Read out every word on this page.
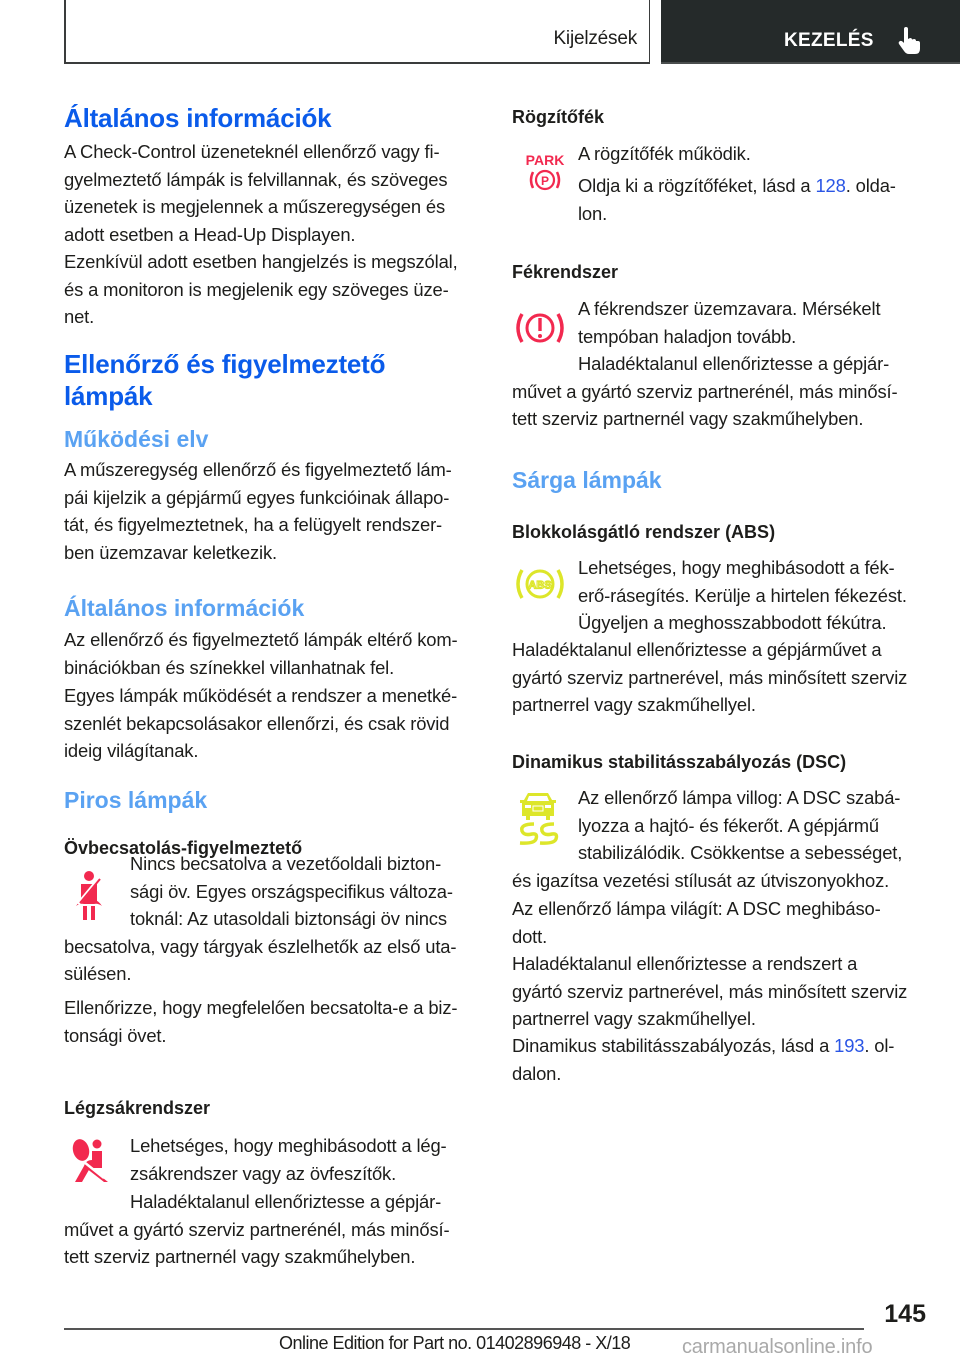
Kijelzések	KEZELÉS
Általános információk
A Check-Control üzeneteknél ellenőrző vagy fi-
gyelmeztető lámpák is felvillannak, és szöveges
üzenetek is megjelennek a műszeregységen és
adott esetben a Head-Up Displayen.
Ezenkívül adott esetben hangjelzés is megszólal,
és a monitoron is megjelenik egy szöveges üze-
net.
Ellenőrző és figyelmeztető
lámpák
Működési elv
A műszeregység ellenőrző és figyelmeztető lám-
pái kijelzik a gépjármű egyes funkcióinak állapo-
tát, és figyelmeztetnek, ha a felügyelt rendszer-
ben üzemzavar keletkezik.
Általános információk
Az ellenőrző és figyelmeztető lámpák eltérő kom-
binációkban és színekkel villanhatnak fel.
Egyes lámpák működését a rendszer a menetké-
szenlét bekapcsolásakor ellenőrzi, és csak rövid
ideig világítanak.
Piros lámpák
Övbecsatolás-figyelmeztető
Nincs becsatolva a vezetőoldali bizton-
sági öv. Egyes országspecifikus változa-
toknál: Az utasoldali biztonsági öv nincs
becsatolva, vagy tárgyak észlelhetők az első uta-
sülésen.
Ellenőrizze, hogy megfelelően becsatolta-e a biz-
tonsági övet.
Légzsákrendszer
Lehetséges, hogy meghibásodott a lég-
zsákrendszer vagy az övfeszítők.
Haladéktalanul ellenőriztesse a gépjár-
művet a gyártó szerviz partnerénél, más minősí-
tett szerviz partnernél vagy szakműhelyben.
Rögzítőfék
PARK
P
A rögzítőfék működik.
Oldja ki a rögzítőféket, lásd a 128. olda-
lon.
Fékrendszer
A fékrendszer üzemzavara. Mérsékelt
tempóban haladjon tovább.
Haladéktalanul ellenőriztesse a gépjár-
művet a gyártó szerviz partnerénél, más minősí-
tett szerviz partnernél vagy szakműhelyben.
Sárga lámpák
Blokkolásgátló rendszer (ABS)
ABS
Lehetséges, hogy meghibásodott a fék-
erő-rásegítés. Kerülje a hirtelen fékezést.
Ügyeljen a meghosszabbodott fékútra.
Haladéktalanul ellenőriztesse a gépjárművet a
gyártó szerviz partnerével, más minősített szerviz
partnerrel vagy szakműhellyel.
Dinamikus stabilitásszabályozás (DSC)
Az ellenőrző lámpa villog: A DSC szabá-
lyozza a hajtó- és fékerőt. A gépjármű
stabilizálódik. Csökkentse a sebességet,
és igazítsa vezetési stílusát az útviszonyokhoz.
Az ellenőrző lámpa világít: A DSC meghibáso-
dott.
Haladéktalanul ellenőriztesse a rendszert a
gyártó szerviz partnerével, más minősített szerviz
partnerrel vagy szakműhellyel.
Dinamikus stabilitásszabályozás, lásd a 193. ol-
dalon.
145
Online Edition for Part no. 01402896948 - X/18	carmanualsonline.info
